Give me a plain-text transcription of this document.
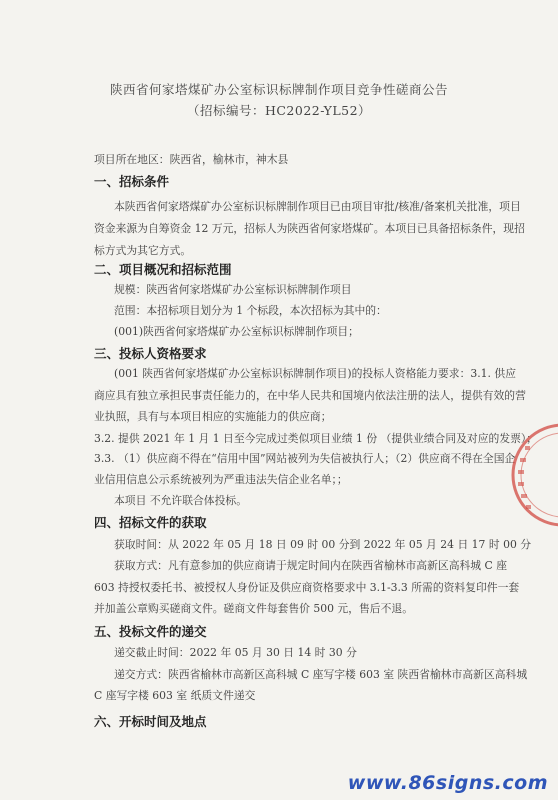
陕西省何家塔煤矿办公室标识标牌制作项目竞争性磋商公告
（招标编号：HC2022-YL52）
项目所在地区：陕西省，榆林市，神木县
一、招标条件
本陕西省何家塔煤矿办公室标识标牌制作项目已由项目审批/核准/备案机关批准，项目
资金来源为自筹资金 12 万元，招标人为陕西省何家塔煤矿。本项目已具备招标条件，现招
标方式为其它方式。
二、项目概况和招标范围
规模：陕西省何家塔煤矿办公室标识标牌制作项目
范围：本招标项目划分为 1 个标段，本次招标为其中的：
(001)陕西省何家塔煤矿办公室标识标牌制作项目；
三、投标人资格要求
(001 陕西省何家塔煤矿办公室标识标牌制作项目)的投标人资格能力要求：3.1. 供应
商应具有独立承担民事责任能力的，在中华人民共和国境内依法注册的法人，提供有效的营
业执照，具有与本项目相应的实施能力的供应商；
3.2. 提供 2021 年 1 月 1 日至今完成过类似项目业绩 1 份 （提供业绩合同及对应的发票）；
3.3. （1）供应商不得在“信用中国”网站被列为失信被执行人；（2）供应商不得在全国企
业信用信息公示系统被列为严重违法失信企业名单；；
本项目 不允许联合体投标。
四、招标文件的获取
获取时间：从 2022 年 05 月 18 日 09 时 00 分到 2022 年 05 月 24 日 17 时 00 分
获取方式：凡有意参加的供应商请于规定时间内在陕西省榆林市高新区高科城 C 座
603 持授权委托书、被授权人身份证及供应商资格要求中 3.1-3.3 所需的资料复印件一套
并加盖公章购买磋商文件。磋商文件每套售价 500 元，售后不退。
五、投标文件的递交
递交截止时间：2022 年 05 月 30 日 14 时 30 分
递交方式：陕西省榆林市高新区高科城 C 座写字楼 603 室 陕西省榆林市高新区高科城
C 座写字楼 603 室 纸质文件递交
六、开标时间及地点
www.86signs.com
